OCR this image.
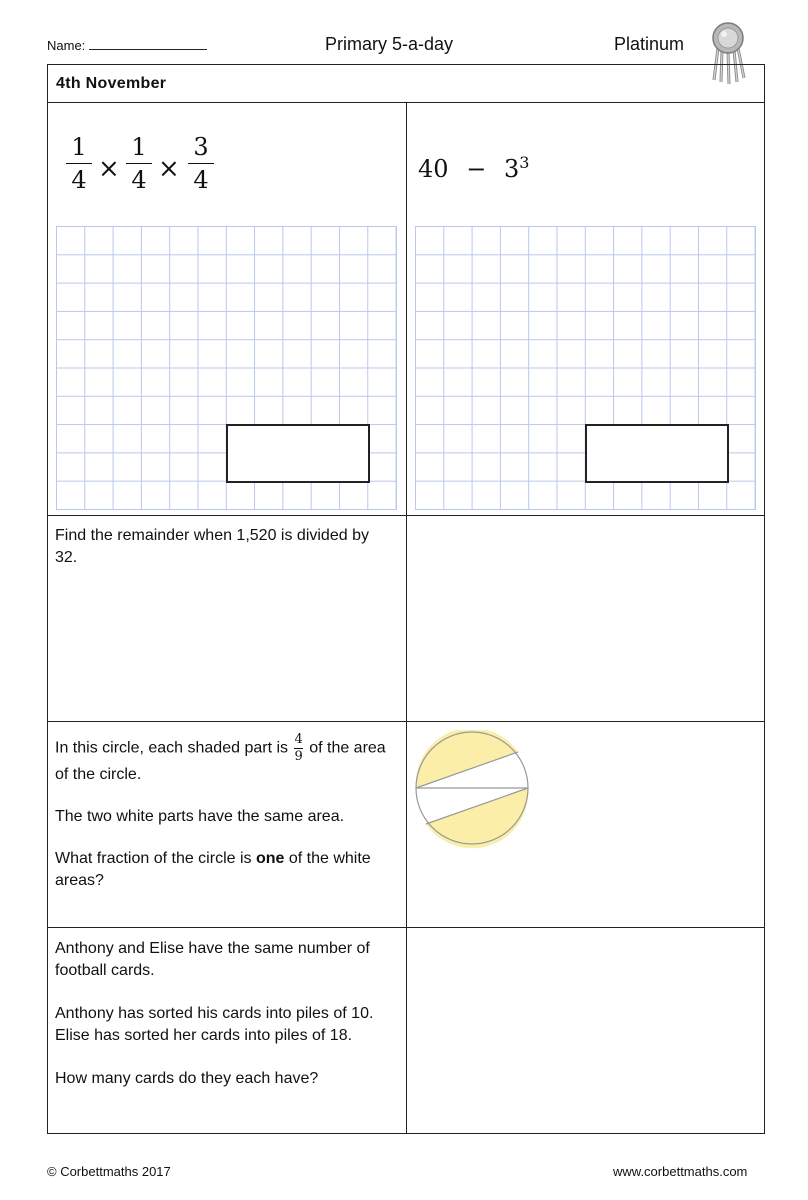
Name:	Primary 5-a-day	Platinum
4th November
1
4 ×
1
4 ×
3
4	$40 - 3^3$
Find the remainder when 1,520 is divided by 32.
In this circle, each shaded part is $\frac{4}{9}$ of the area of the circle.
The two white parts have the same area.
What fraction of the circle is one of the white areas?
Anthony and Elise have the same number of football cards.
Anthony has sorted his cards into piles of 10.
Elise has sorted her cards into piles of 18.
How many cards do they each have?
© Corbettmaths 2017	www.corbettmaths.com
